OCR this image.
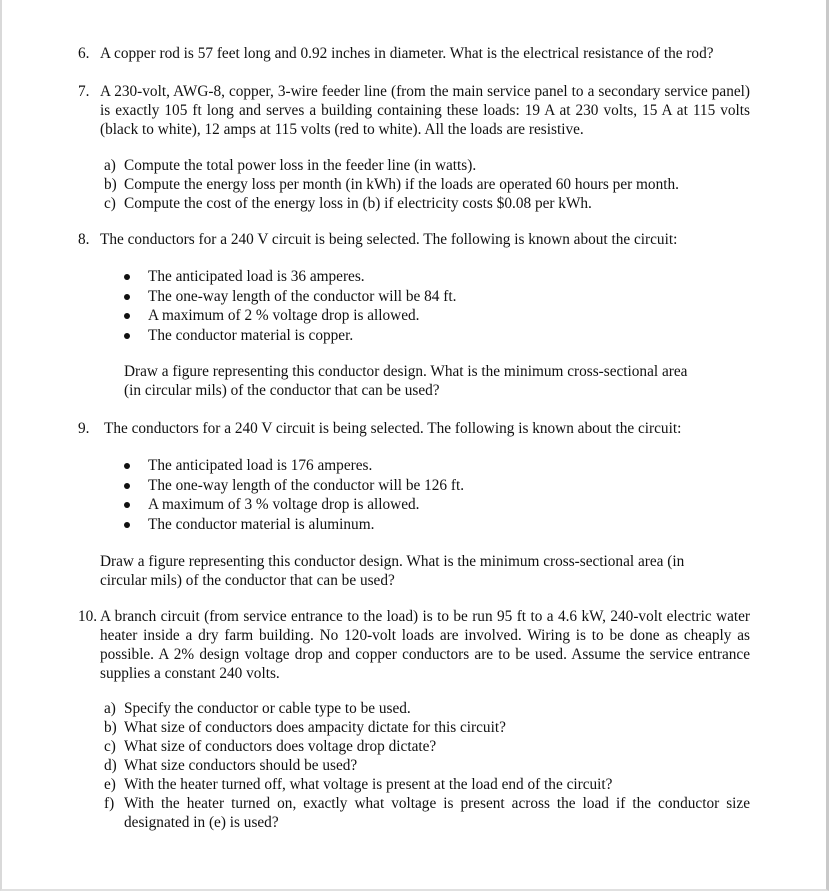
6. A copper rod is 57 feet long and 0.92 inches in diameter. What is the electrical resistance of the rod?
7. A 230-volt, AWG-8, copper, 3-wire feeder line (from the main service panel to a secondary service panel) is exactly 105 ft long and serves a building containing these loads: 19 A at 230 volts, 15 A at 115 volts (black to white), 12 amps at 115 volts (red to white). All the loads are resistive.
a) Compute the total power loss in the feeder line (in watts).
b) Compute the energy loss per month (in kWh) if the loads are operated 60 hours per month.
c) Compute the cost of the energy loss in (b) if electricity costs $0.08 per kWh.
8. The conductors for a 240 V circuit is being selected. The following is known about the circuit:
The anticipated load is 36 amperes.
The one-way length of the conductor will be 84 ft.
A maximum of 2 % voltage drop is allowed.
The conductor material is copper.
Draw a figure representing this conductor design. What is the minimum cross-sectional area (in circular mils) of the conductor that can be used?
9. The conductors for a 240 V circuit is being selected. The following is known about the circuit:
The anticipated load is 176 amperes.
The one-way length of the conductor will be 126 ft.
A maximum of 3 % voltage drop is allowed.
The conductor material is aluminum.
Draw a figure representing this conductor design. What is the minimum cross-sectional area (in circular mils) of the conductor that can be used?
10. A branch circuit (from service entrance to the load) is to be run 95 ft to a 4.6 kW, 240-volt electric water heater inside a dry farm building. No 120-volt loads are involved. Wiring is to be done as cheaply as possible. A 2% design voltage drop and copper conductors are to be used. Assume the service entrance supplies a constant 240 volts.
a) Specify the conductor or cable type to be used.
b) What size of conductors does ampacity dictate for this circuit?
c) What size of conductors does voltage drop dictate?
d) What size conductors should be used?
e) With the heater turned off, what voltage is present at the load end of the circuit?
f) With the heater turned on, exactly what voltage is present across the load if the conductor size designated in (e) is used?
